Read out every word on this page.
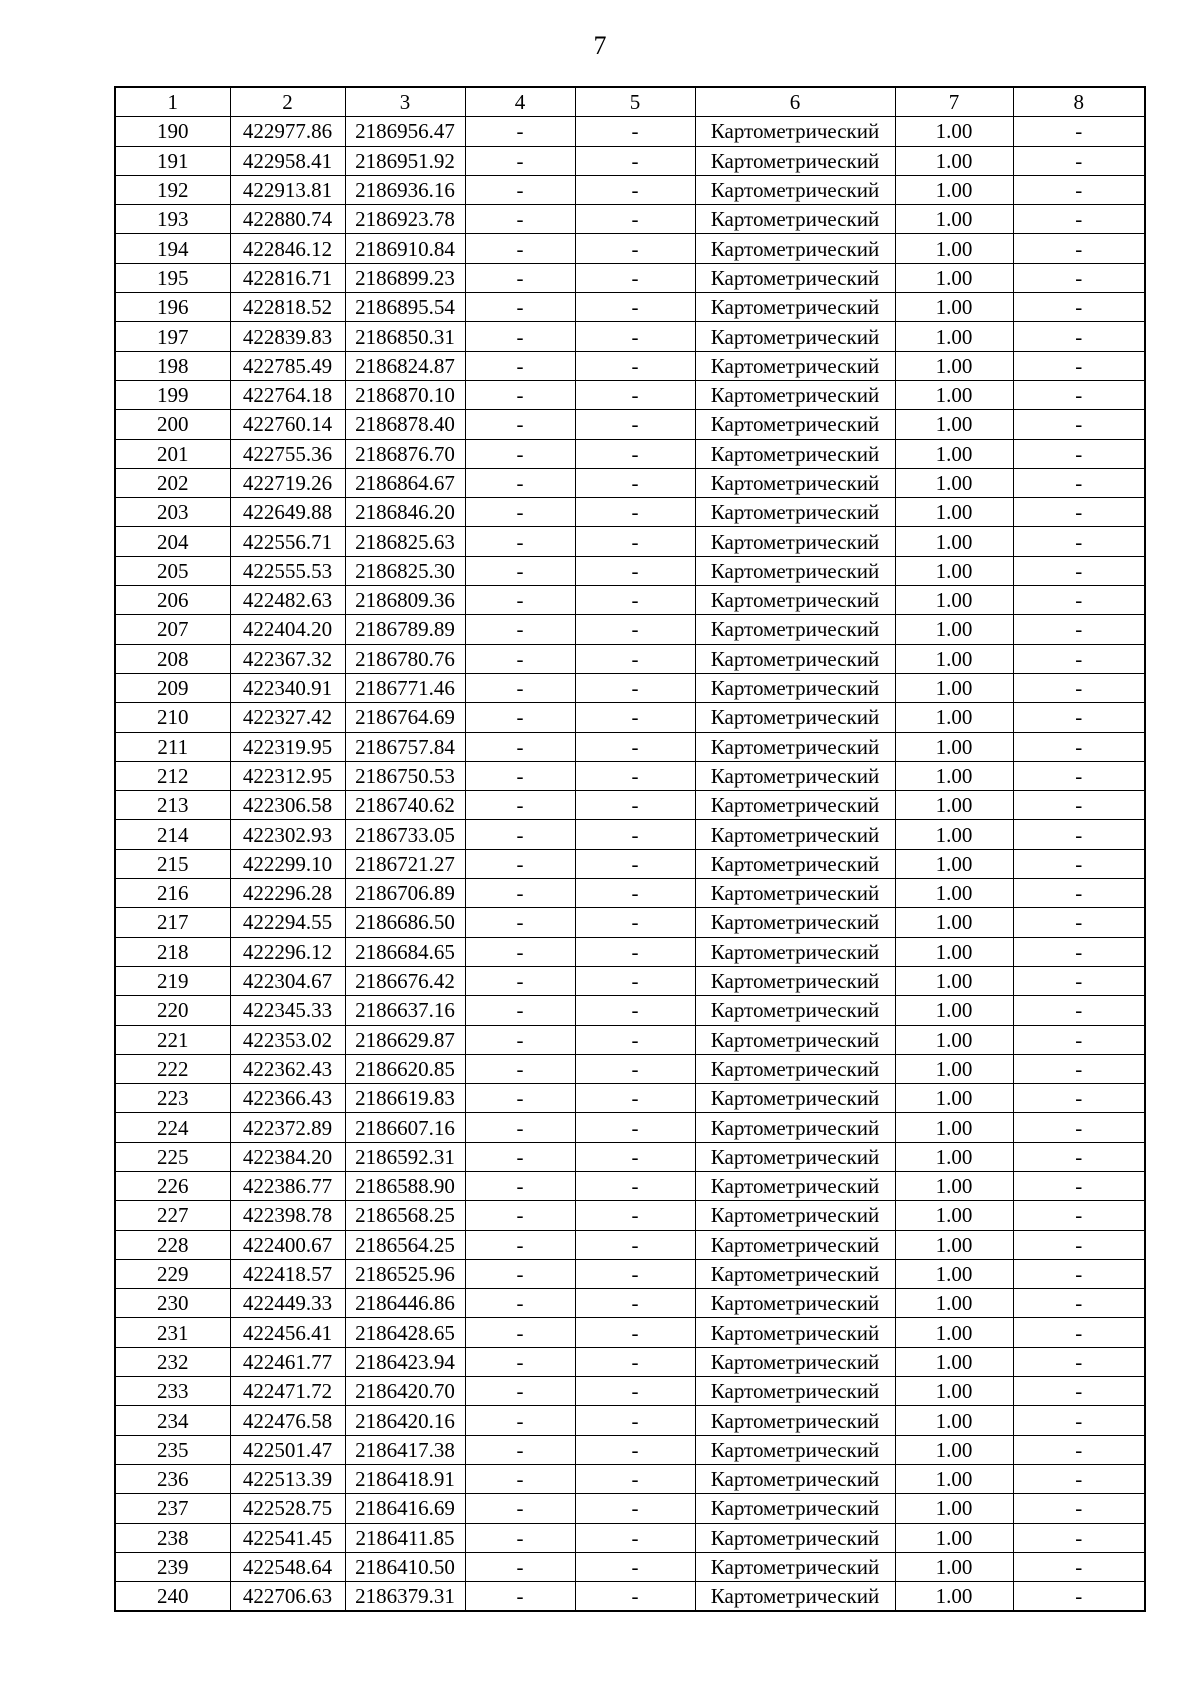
7
1	2	3	4	5	6	7	8
190	422977.86	2186956.47	-	-	Картометрический	1.00	-
191	422958.41	2186951.92	-	-	Картометрический	1.00	-
192	422913.81	2186936.16	-	-	Картометрический	1.00	-
193	422880.74	2186923.78	-	-	Картометрический	1.00	-
194	422846.12	2186910.84	-	-	Картометрический	1.00	-
195	422816.71	2186899.23	-	-	Картометрический	1.00	-
196	422818.52	2186895.54	-	-	Картометрический	1.00	-
197	422839.83	2186850.31	-	-	Картометрический	1.00	-
198	422785.49	2186824.87	-	-	Картометрический	1.00	-
199	422764.18	2186870.10	-	-	Картометрический	1.00	-
200	422760.14	2186878.40	-	-	Картометрический	1.00	-
201	422755.36	2186876.70	-	-	Картометрический	1.00	-
202	422719.26	2186864.67	-	-	Картометрический	1.00	-
203	422649.88	2186846.20	-	-	Картометрический	1.00	-
204	422556.71	2186825.63	-	-	Картометрический	1.00	-
205	422555.53	2186825.30	-	-	Картометрический	1.00	-
206	422482.63	2186809.36	-	-	Картометрический	1.00	-
207	422404.20	2186789.89	-	-	Картометрический	1.00	-
208	422367.32	2186780.76	-	-	Картометрический	1.00	-
209	422340.91	2186771.46	-	-	Картометрический	1.00	-
210	422327.42	2186764.69	-	-	Картометрический	1.00	-
211	422319.95	2186757.84	-	-	Картометрический	1.00	-
212	422312.95	2186750.53	-	-	Картометрический	1.00	-
213	422306.58	2186740.62	-	-	Картометрический	1.00	-
214	422302.93	2186733.05	-	-	Картометрический	1.00	-
215	422299.10	2186721.27	-	-	Картометрический	1.00	-
216	422296.28	2186706.89	-	-	Картометрический	1.00	-
217	422294.55	2186686.50	-	-	Картометрический	1.00	-
218	422296.12	2186684.65	-	-	Картометрический	1.00	-
219	422304.67	2186676.42	-	-	Картометрический	1.00	-
220	422345.33	2186637.16	-	-	Картометрический	1.00	-
221	422353.02	2186629.87	-	-	Картометрический	1.00	-
222	422362.43	2186620.85	-	-	Картометрический	1.00	-
223	422366.43	2186619.83	-	-	Картометрический	1.00	-
224	422372.89	2186607.16	-	-	Картометрический	1.00	-
225	422384.20	2186592.31	-	-	Картометрический	1.00	-
226	422386.77	2186588.90	-	-	Картометрический	1.00	-
227	422398.78	2186568.25	-	-	Картометрический	1.00	-
228	422400.67	2186564.25	-	-	Картометрический	1.00	-
229	422418.57	2186525.96	-	-	Картометрический	1.00	-
230	422449.33	2186446.86	-	-	Картометрический	1.00	-
231	422456.41	2186428.65	-	-	Картометрический	1.00	-
232	422461.77	2186423.94	-	-	Картометрический	1.00	-
233	422471.72	2186420.70	-	-	Картометрический	1.00	-
234	422476.58	2186420.16	-	-	Картометрический	1.00	-
235	422501.47	2186417.38	-	-	Картометрический	1.00	-
236	422513.39	2186418.91	-	-	Картометрический	1.00	-
237	422528.75	2186416.69	-	-	Картометрический	1.00	-
238	422541.45	2186411.85	-	-	Картометрический	1.00	-
239	422548.64	2186410.50	-	-	Картометрический	1.00	-
240	422706.63	2186379.31	-	-	Картометрический	1.00	-
